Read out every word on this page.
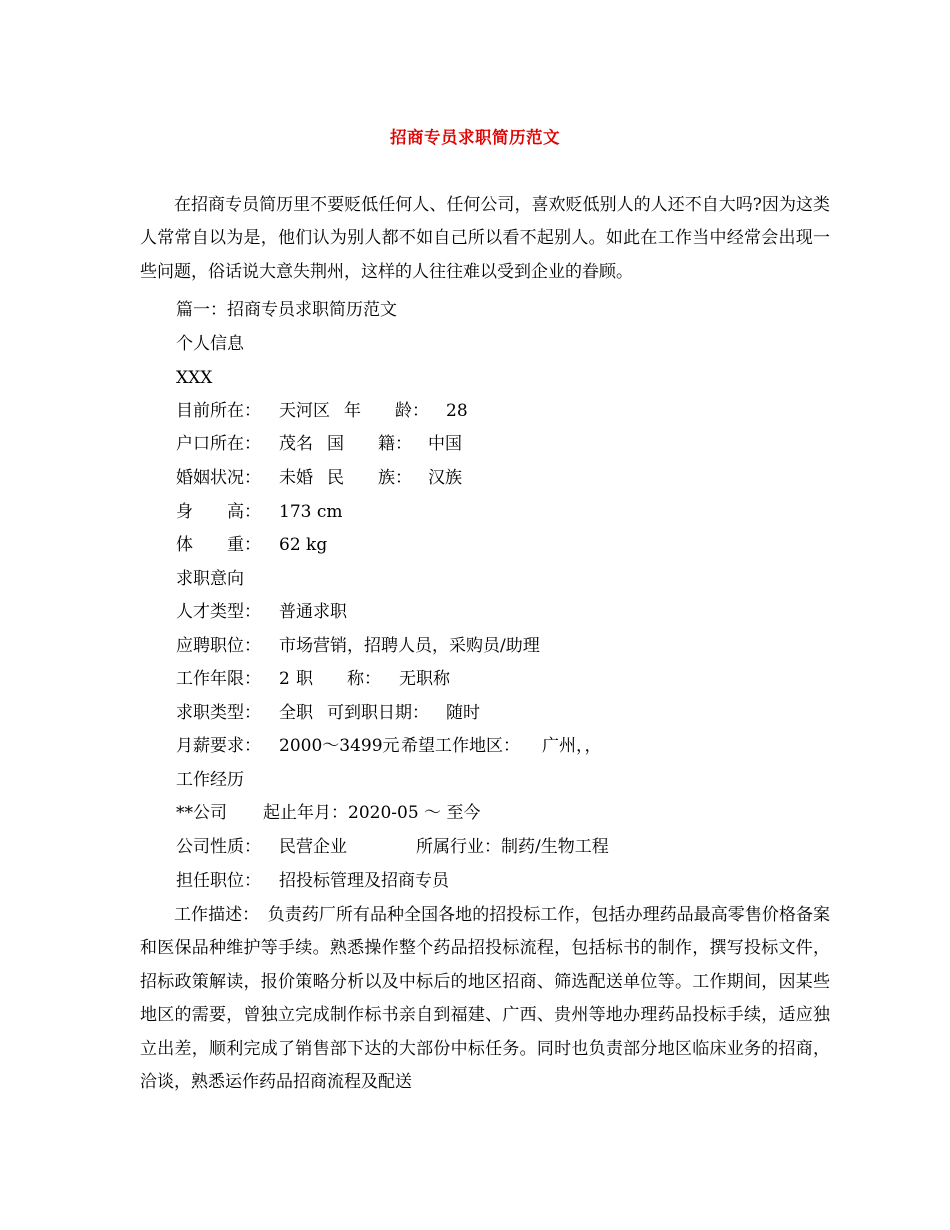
招商专员求职简历范文

在招商专员简历里不要贬低任何人、任何公司，喜欢贬低别人的人还不自大吗?因为这类人常常自以为是，他们认为别人都不如自己所以看不起别人。如此在工作当中经常会出现一些问题，俗话说大意失荆州，这样的人往往难以受到企业的眷顾。

篇一：招商专员求职简历范文
个人信息
XXX
目前所在： 天河区 年　　龄： 28
户口所在： 茂名 国　　籍： 中国
婚姻状况： 未婚 民　　族： 汉族
身　　高： 173 cm
体　　重： 62 kg
求职意向
人才类型： 普通求职
应聘职位： 市场营销，招聘人员，采购员/助理
工作年限： 2 职　　称： 无职称
求职类型： 全职 可到职日期： 随时
月薪要求： 2000～3499元 希望工作地区： 广州，，
工作经历
**公司 起止年月：2020-05 ～ 至今
公司性质： 民营企业	所属行业：制药/生物工程
担任职位： 招投标管理及招商专员

工作描述：　负责药厂所有品种全国各地的招投标工作，包括办理药品最高零售价格备案和医保品种维护等手续。熟悉操作整个药品招投标流程，包括标书的制作，撰写投标文件，招标政策解读，报价策略分析以及中标后的地区招商、筛选配送单位等。工作期间，因某些地区的需要，曾独立完成制作标书亲自到福建、广西、贵州等地办理药品投标手续，适应独立出差，顺利完成了销售部下达的大部份中标任务。同时也负责部分地区临床业务的招商，洽谈，熟悉运作药品招商流程及配送
